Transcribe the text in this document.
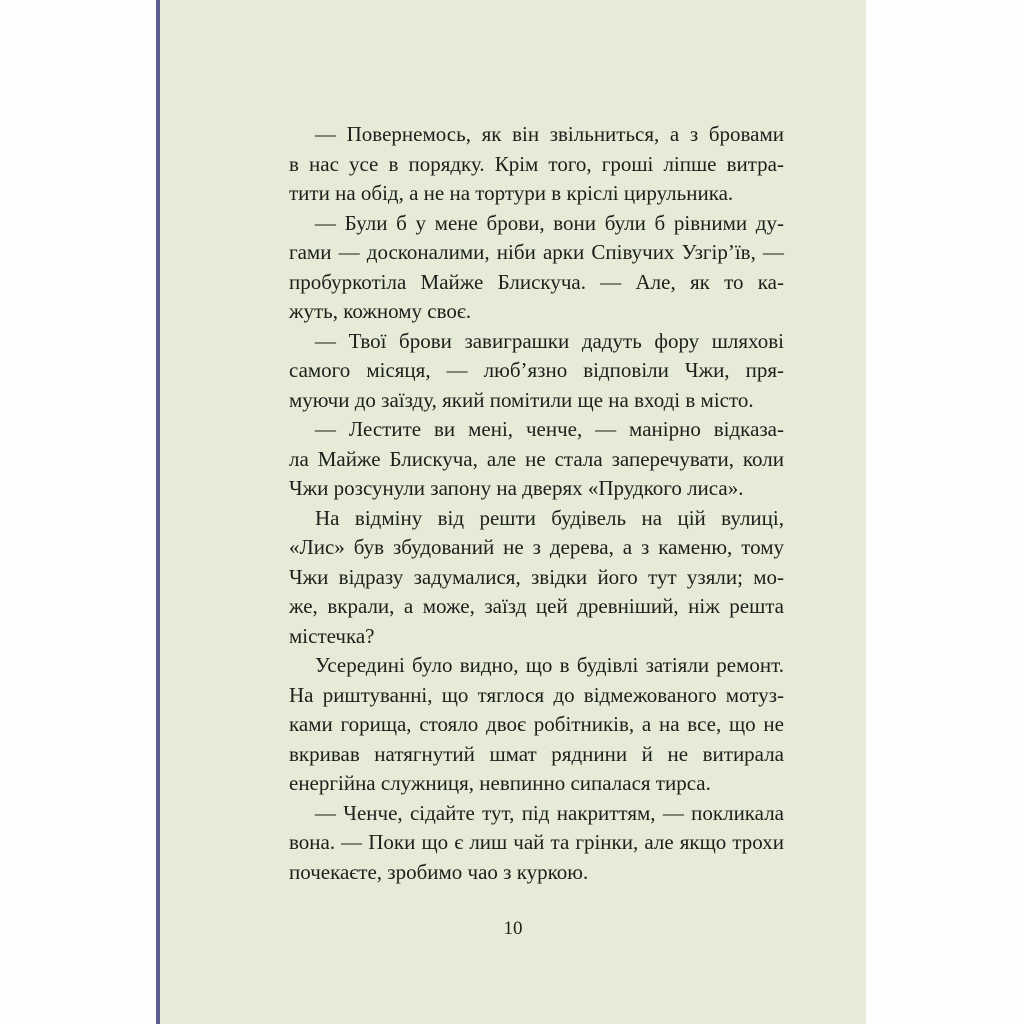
— Повернемось, як він звільниться, а з бровами
в нас усе в порядку. Крім того, гроші ліпше витра-
тити на обід, а не на тортури в кріслі цирульника.
— Були б у мене брови, вони були б рівними ду-
гами — досконалими, ніби арки Співучих Узгір’їв, —
пробуркотіла Майже Блискуча. — Але, як то ка-
жуть, кожному своє.
— Твої брови завиграшки дадуть фору шляхові
самого місяця, — люб’язно відповіли Чжи, пря-
муючи до заїзду, який помітили ще на вході в місто.
— Лестите ви мені, ченче, — манірно відказа-
ла Майже Блискуча, але не стала заперечувати, коли
Чжи розсунули запону на дверях «Прудкого лиса».
На відміну від решти будівель на цій вулиці,
«Лис» був збудований не з дерева, а з каменю, тому
Чжи відразу задумалися, звідки його тут узяли; мо-
же, вкрали, а може, заїзд цей древніший, ніж решта
містечка?
Усередині було видно, що в будівлі затіяли ремонт.
На риштуванні, що тяглося до відмежованого мотуз-
ками горища, стояло двоє робітників, а на все, що не
вкривав натягнутий шмат ряднини й не витирала
енергійна служниця, невпинно сипалася тирса.
— Ченче, сідайте тут, під накриттям, — покликала
вона. — Поки що є лиш чай та грінки, але якщо трохи
почекаєте, зробимо чао з куркою.
10
